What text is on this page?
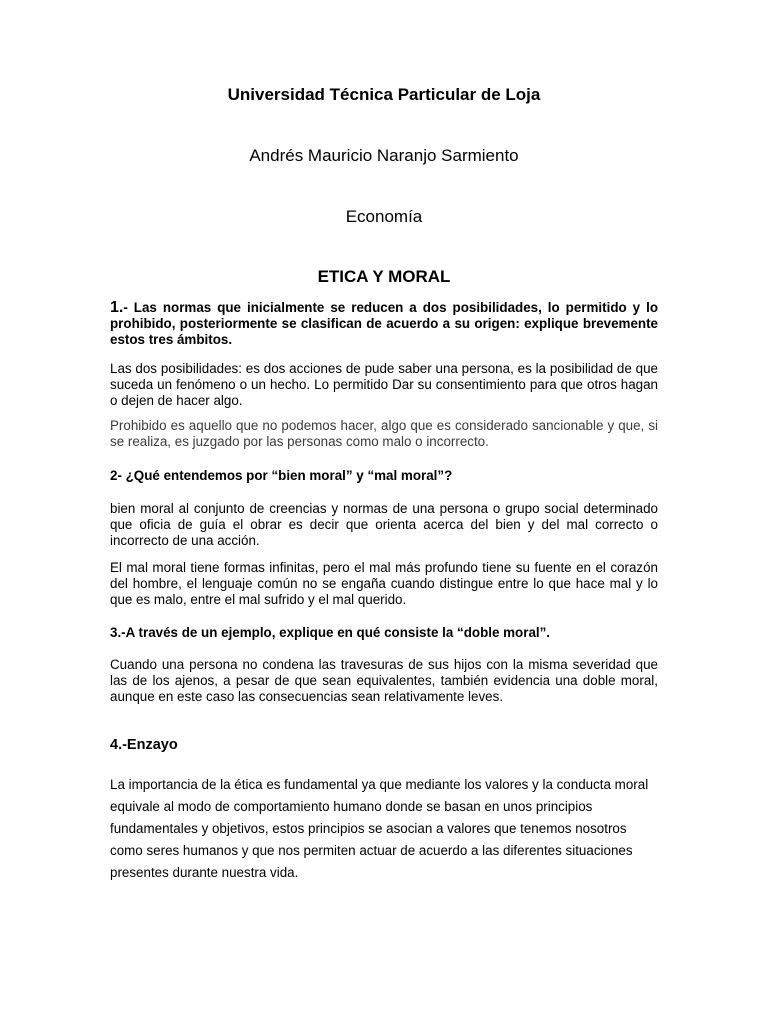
Universidad Técnica Particular de Loja

Andrés Mauricio Naranjo Sarmiento

Economía

ETICA Y MORAL

1.- Las normas que inicialmente se reducen a dos posibilidades, lo permitido y lo prohibido, posteriormente se clasifican de acuerdo a su origen: explique brevemente estos tres ámbitos.

Las dos posibilidades: es dos acciones de pude saber una persona, es la posibilidad de que suceda un fenómeno o un hecho. Lo permitido Dar su consentimiento para que otros hagan o dejen de hacer algo.

Prohibido es aquello que no podemos hacer, algo que es considerado sancionable y que, si se realiza, es juzgado por las personas como malo o incorrecto.

2- ¿Qué entendemos por “bien moral” y “mal moral”?

bien moral al conjunto de creencias y normas de una persona o grupo social determinado que oficia de guía el obrar es decir que orienta acerca del bien y del mal correcto o incorrecto de una acción.

El mal moral tiene formas infinitas, pero el mal más profundo tiene su fuente en el corazón del hombre, el lenguaje común no se engaña cuando distingue entre lo que hace mal y lo que es malo, entre el mal sufrido y el mal querido.

3.-A través de un ejemplo, explique en qué consiste la “doble moral”.

Cuando una persona no condena las travesuras de sus hijos con la misma severidad que las de los ajenos, a pesar de que sean equivalentes, también evidencia una doble moral, aunque en este caso las consecuencias sean relativamente leves.

4.-Enzayo

La importancia de la ética es fundamental ya que mediante los valores y la conducta moral equivale al modo de comportamiento humano donde se basan en unos principios fundamentales y objetivos, estos principios se asocian a valores que tenemos nosotros como seres humanos y que nos permiten actuar de acuerdo a las diferentes situaciones presentes durante nuestra vida.
